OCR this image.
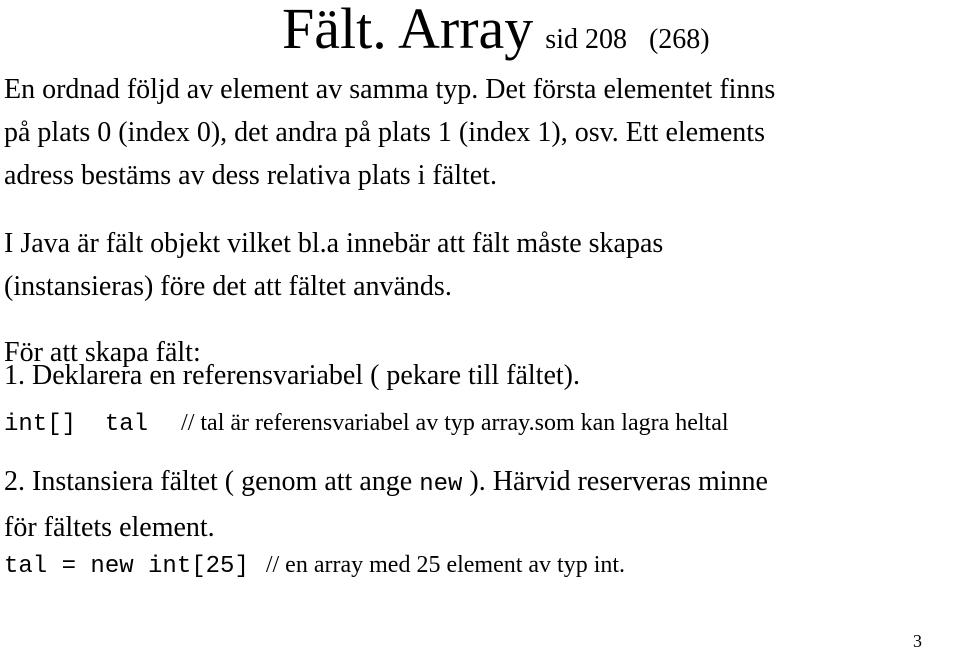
Fält. Array sid 208 (268)

En ordnad följd av element av samma typ. Det första elementet finns
på plats 0 (index 0), det andra på plats 1 (index 1), osv. Ett elements
adress bestäms av dess relativa plats i fältet.

I Java är fält objekt vilket bl.a innebär att fält måste skapas
(instansieras) före det att fältet används.

För att skapa fält:

1. Deklarera en referensvariabel ( pekare till fältet).

int[]  tal // tal är referensvariabel av typ array.som kan lagra heltal

2. Instansiera fältet ( genom att ange new ). Härvid reserveras minne
för fältets element.

tal = new int[25] // en array med 25 element av typ int.

3
